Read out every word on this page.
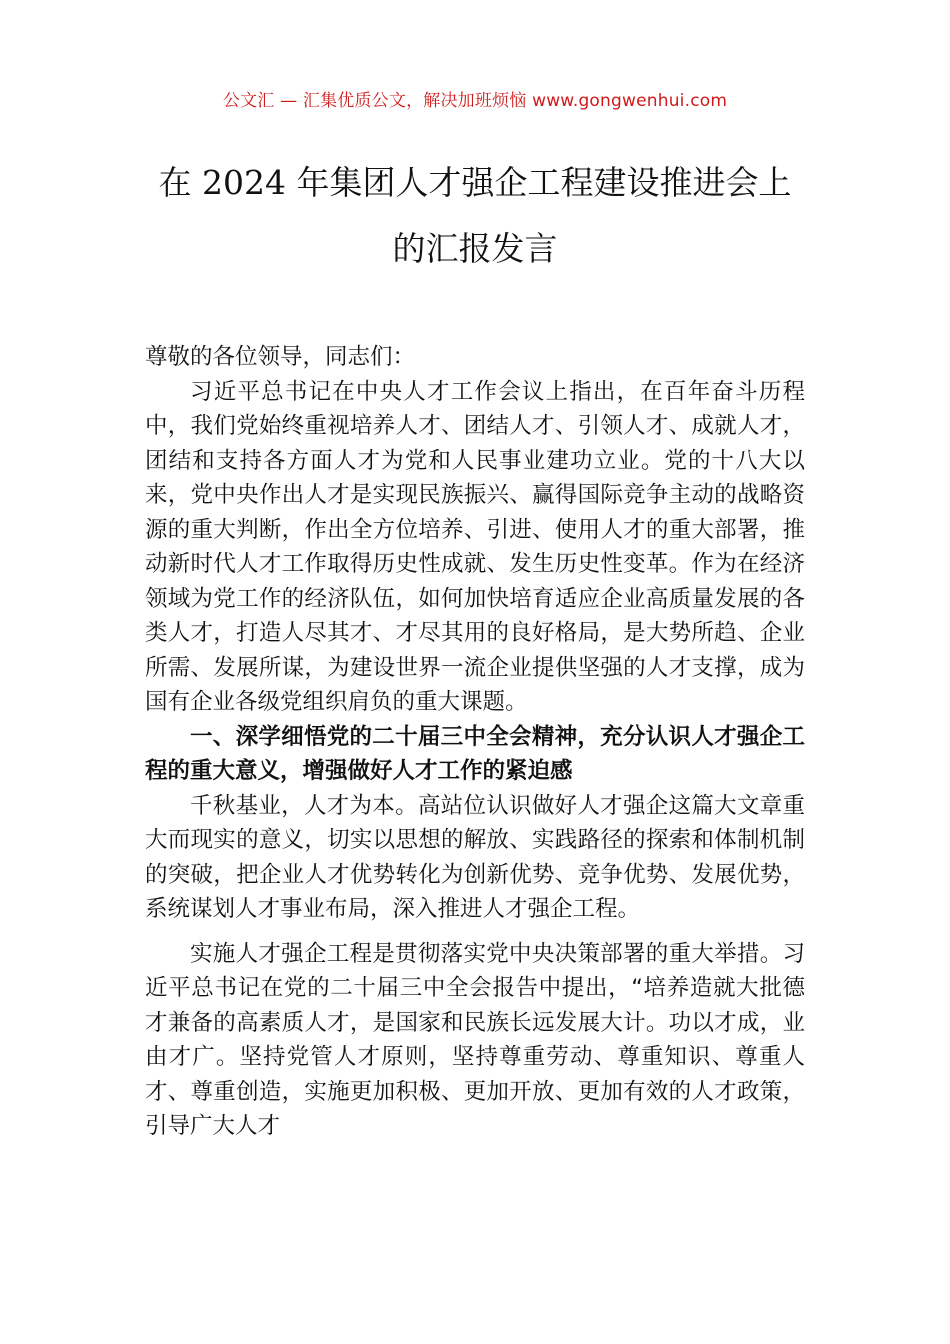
公文汇 — 汇集优质公文，解决加班烦恼 www.gongwenhui.com
在 2024 年集团人才强企工程建设推进会上
的汇报发言

尊敬的各位领导，同志们：

习近平总书记在中央人才工作会议上指出，在百年奋斗历程中，我们党始终重视培养人才、团结人才、引领人才、成就人才，团结和支持各方面人才为党和人民事业建功立业。党的十八大以来，党中央作出人才是实现民族振兴、赢得国际竞争主动的战略资源的重大判断，作出全方位培养、引进、使用人才的重大部署，推动新时代人才工作取得历史性成就、发生历史性变革。作为在经济领域为党工作的经济队伍，如何加快培育适应企业高质量发展的各类人才，打造人尽其才、才尽其用的良好格局，是大势所趋、企业所需、发展所谋，为建设世界一流企业提供坚强的人才支撑，成为国有企业各级党组织肩负的重大课题。

一、深学细悟党的二十届三中全会精神，充分认识人才强企工程的重大意义，增强做好人才工作的紧迫感

千秋基业，人才为本。高站位认识做好人才强企这篇大文章重大而现实的意义，切实以思想的解放、实践路径的探索和体制机制的突破，把企业人才优势转化为创新优势、竞争优势、发展优势，系统谋划人才事业布局，深入推进人才强企工程。

实施人才强企工程是贯彻落实党中央决策部署的重大举措。习近平总书记在党的二十届三中全会报告中提出，“培养造就大批德才兼备的高素质人才，是国家和民族长远发展大计。功以才成，业由才广。坚持党管人才原则，坚持尊重劳动、尊重知识、尊重人才、尊重创造，实施更加积极、更加开放、更加有效的人才政策，引导广大人才
